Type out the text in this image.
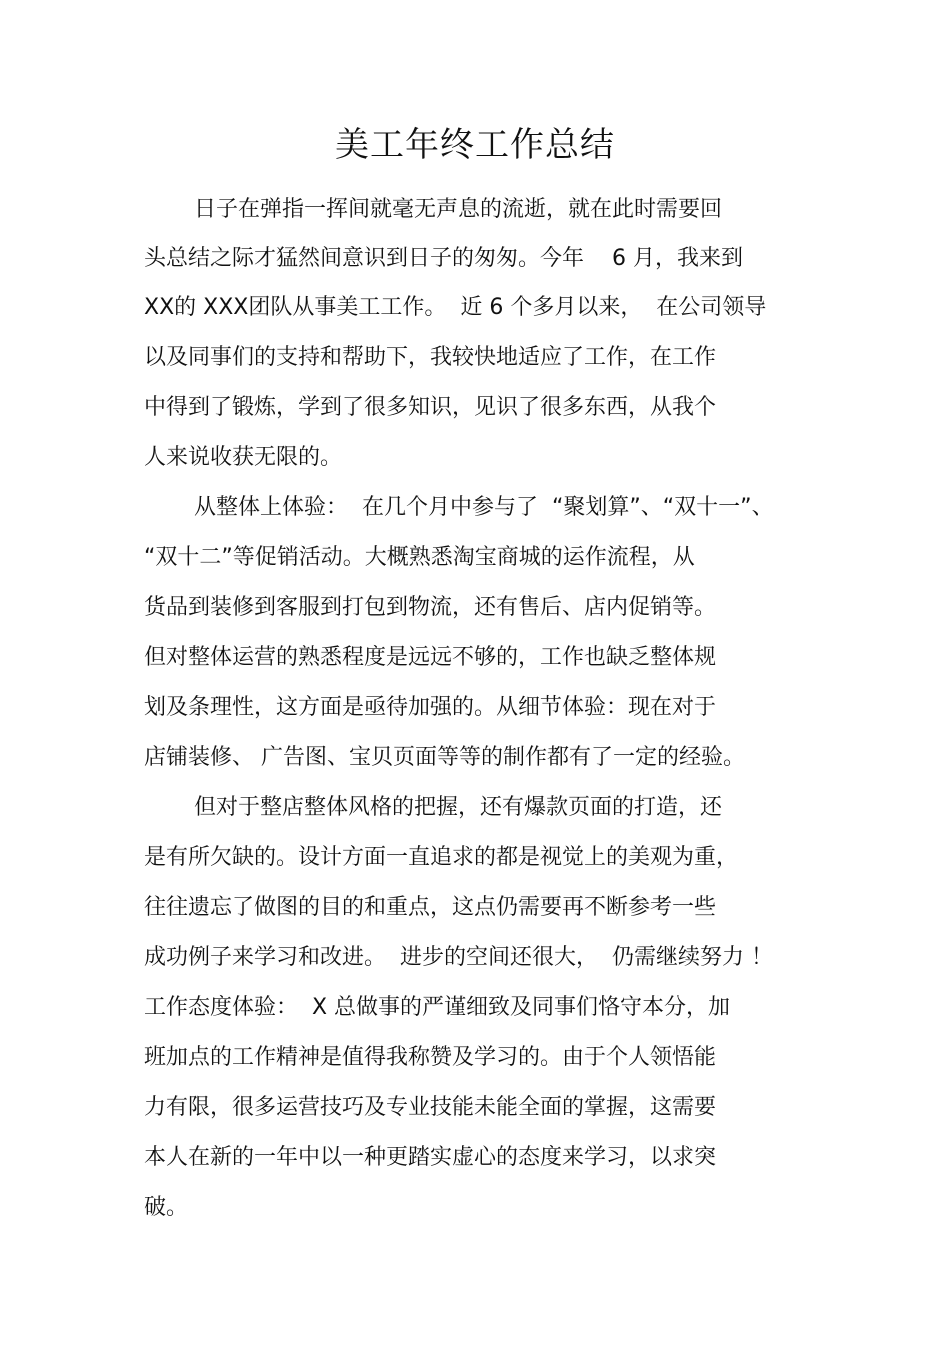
美工年终工作总结
日子在弹指一挥间就毫无声息的流逝，就在此时需要回
头总结之际才猛然间意识到日子的匆匆。今年    6 月，我来到
XX的 XXX团队从事美工工作。  近 6 个多月以来，  在公司领导
以及同事们的支持和帮助下，我较快地适应了工作，在工作
中得到了锻炼，学到了很多知识，见识了很多东西，从我个
人来说收获无限的。
从整体上体验：  在几个月中参与了  “聚划算”、“双十一”、
“双十二”等促销活动。大概熟悉淘宝商城的运作流程，从
货品到装修到客服到打包到物流，还有售后、店内促销等。
但对整体运营的熟悉程度是远远不够的，工作也缺乏整体规
划及条理性，这方面是亟待加强的。从细节体验：现在对于
店铺装修、 广告图、宝贝页面等等的制作都有了一定的经验。
但对于整店整体风格的把握，还有爆款页面的打造，还
是有所欠缺的。设计方面一直追求的都是视觉上的美观为重，
往往遗忘了做图的目的和重点，这点仍需要再不断参考一些
成功例子来学习和改进。  进步的空间还很大，  仍需继续努力 ！
工作态度体验：  X 总做事的严谨细致及同事们恪守本分，加
班加点的工作精神是值得我称赞及学习的。由于个人领悟能
力有限，很多运营技巧及专业技能未能全面的掌握，这需要
本人在新的一年中以一种更踏实虚心的态度来学习，以求突
破。
